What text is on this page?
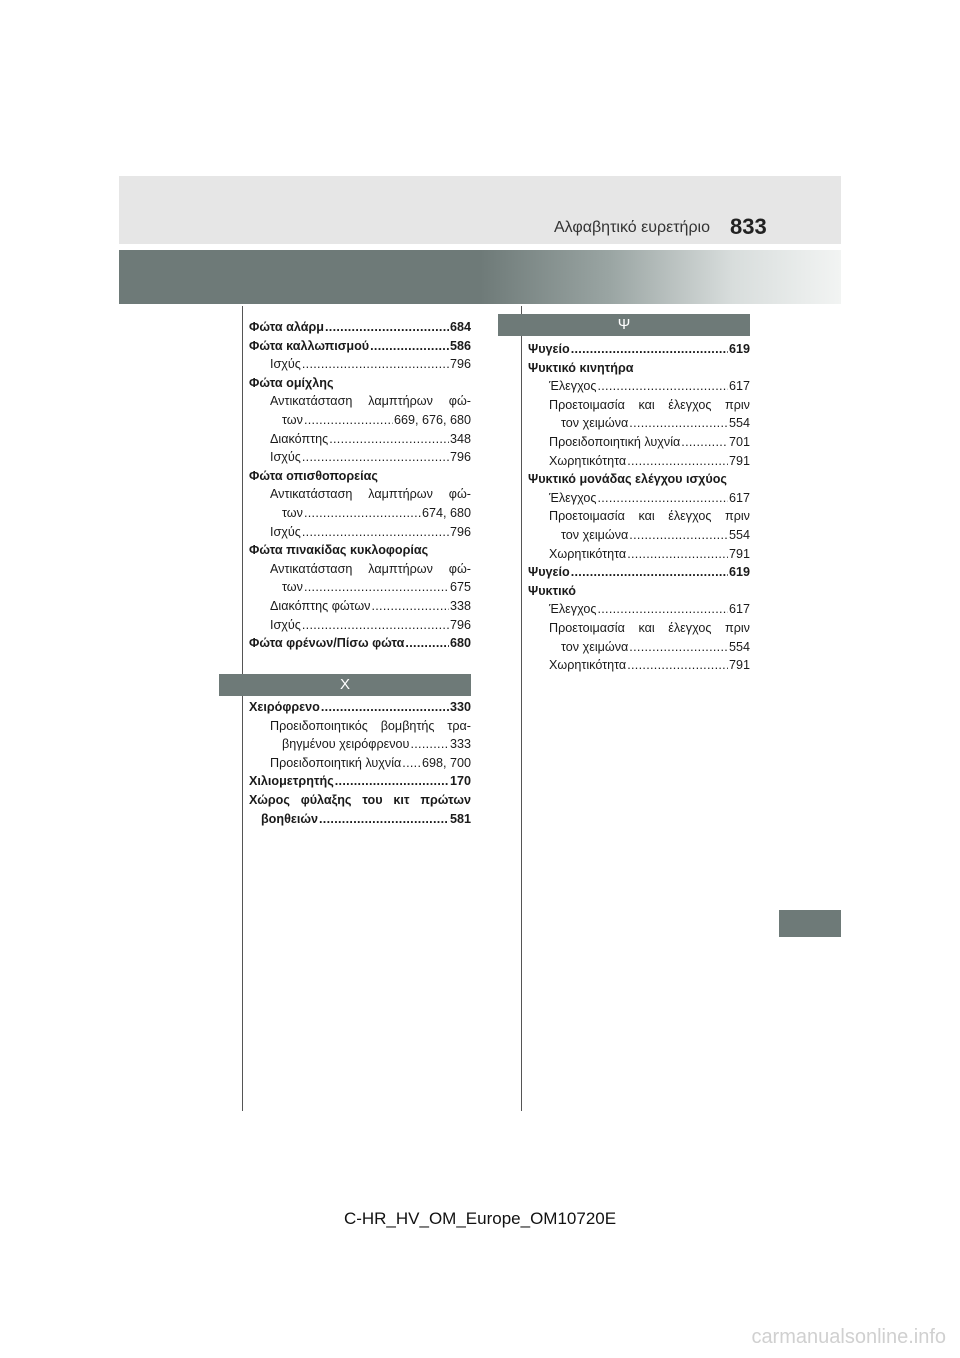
Αλφαβητικό ευρετήριο 833
Ψ
Φώτα αλάρμ .....	684
Φώτα καλλωπισμού .....	586
Ισχύς .....	796
Φώτα ομίχλης
Αντικατάσταση λαμπτήρων φώ-
των .....	669, 676, 680
Διακόπτης .....	348
Ισχύς .....	796
Φώτα οπισθοπορείας
Αντικατάσταση λαμπτήρων φώ-
των .....	674, 680
Ισχύς .....	796
Φώτα πινακίδας κυκλοφορίας
Αντικατάσταση λαμπτήρων φώ-
των .....	675
Διακόπτης φώτων .....	338
Ισχύς .....	796
Φώτα φρένων/Πίσω φώτα .....	680
Χ
Χειρόφρενο .....	330
Προειδοποιητικός βομβητής τρα-
βηγμένου χειρόφρενου .....	333
Προειδοποιητική λυχνία ..... 698, 700
Χιλιομετρητής .....	170
Χώρος φύλαξης του κιτ πρώτων
βοηθειών .....	581
Ψυγείο .....	619
Ψυκτικό κινητήρα
Έλεγχος .....	617
Προετοιμασία και έλεγχος πριν
τον χειμώνα .....	554
Προειδοποιητική λυχνία .....	701
Χωρητικότητα .....	791
Ψυκτικό μονάδας ελέγχου ισχύος
Έλεγχος .....	617
Προετοιμασία και έλεγχος πριν
τον χειμώνα .....	554
Χωρητικότητα .....	791
Ψυγείο .....	619
Ψυκτικό
Έλεγχος .....	617
Προετοιμασία και έλεγχος πριν
τον χειμώνα .....	554
Χωρητικότητα .....	791
C-HR_HV_OM_Europe_OM10720E
carmanualsonline.info
